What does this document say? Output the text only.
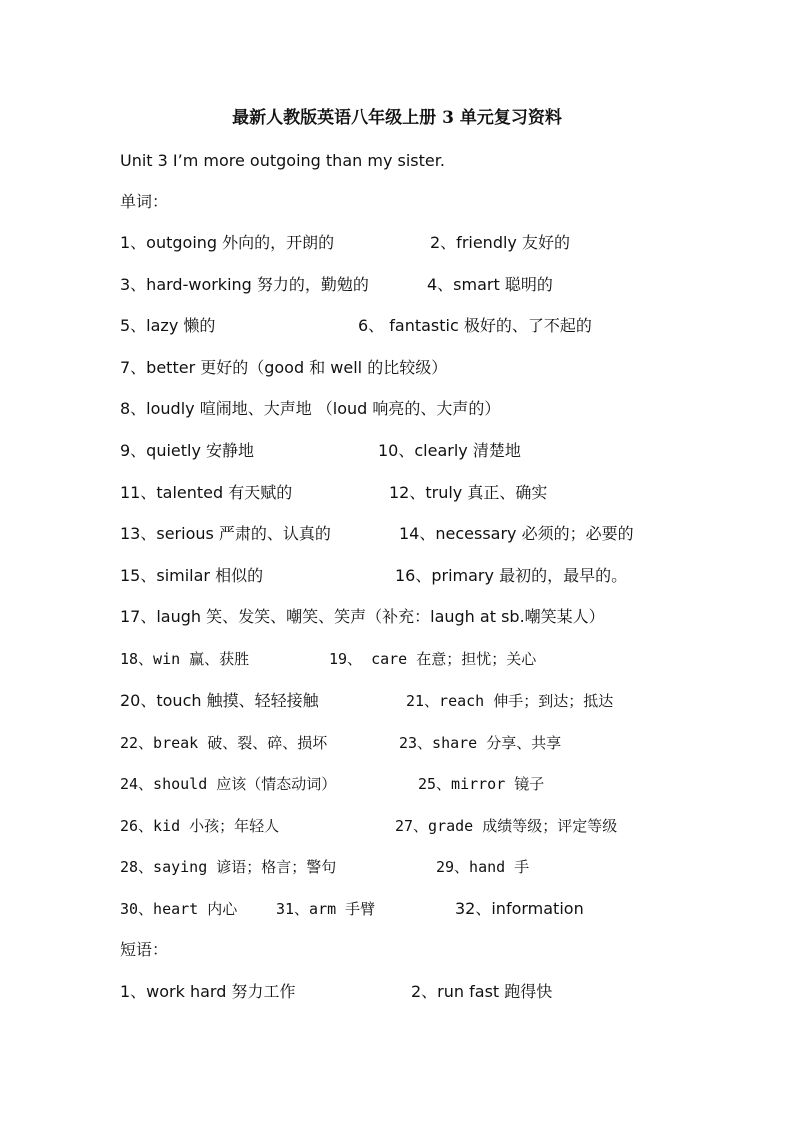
最新人教版英语八年级上册 3 单元复习资料
Unit 3 I’m more outgoing than my sister.
单词：
1、outgoing 外向的，开朗的	2、friendly 友好的
3、hard-working 努力的，勤勉的	4、smart 聪明的
5、lazy 懒的	6、 fantastic 极好的、了不起的
7、better 更好的（good 和 well 的比较级）
8、loudly 喧闹地、大声地 （loud 响亮的、大声的）
9、quietly 安静地	10、clearly 清楚地
11、talented 有天赋的	12、truly 真正、确实
13、serious 严肃的、认真的	14、necessary 必须的；必要的
15、similar 相似的	16、primary 最初的，最早的。
17、laugh 笑、发笑、嘲笑、笑声（补充：laugh at sb.嘲笑某人）
18、win 赢、获胜	19、 care 在意；担忧；关心
20、touch 触摸、轻轻接触	21、reach 伸手；到达；抵达
22、break 破、裂、碎、损坏	23、share 分享、共享
24、should 应该（情态动词）	25、mirror 镜子
26、kid 小孩；年轻人	27、grade 成绩等级；评定等级
28、saying 谚语；格言；警句	29、hand 手
30、heart 内心	31、arm 手臂	32、information
短语：
1、work hard 努力工作	2、run fast 跑得快
